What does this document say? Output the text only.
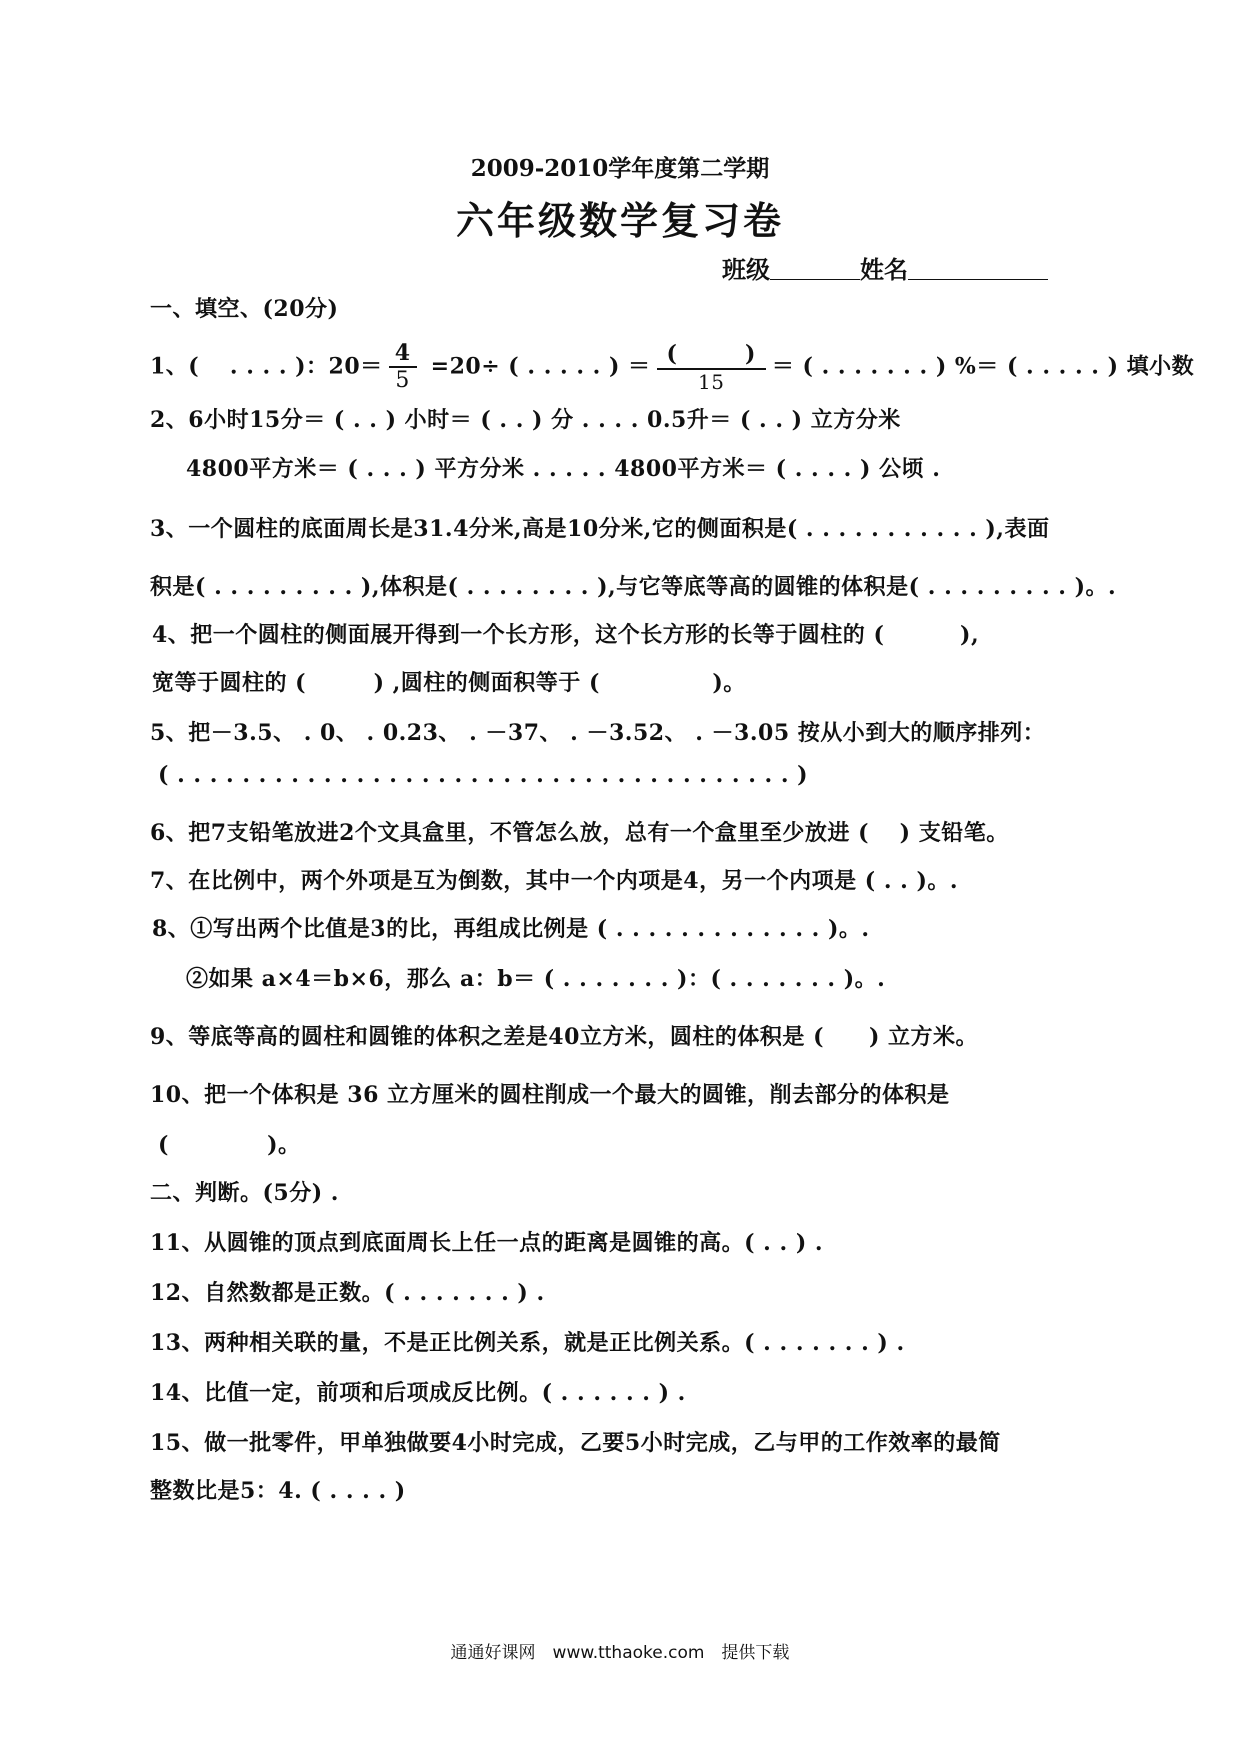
2009-2010学年度第二学期
六年级数学复习卷
班级	姓名
一、填空、(20分)
1、(　 . . . . )：$20= \frac{4}{5} =20\div$ ( . . . . . ) ＝ $\frac{( )}{15}$ ＝ ( . . . . . . . ) %＝ ( . . . . . ) 填小数
2、6小时15分＝ ( . . ) 小时＝ ( . . ) 分 . . . . 0.5升＝ ( . . ) 立方分米
4800平方米＝ ( . . . ) 平方分米 . . . . . 4800平方米＝ ( . . . . ) 公顷 .
3、一个圆柱的底面周长是31.4分米,高是10分米,它的侧面积是( . . . . . . . . . . . ),表面
积是( . . . . . . . . . ),体积是( . . . . . . . . ),与它等底等高的圆锥的体积是( . . . . . . . . . )。.
4、把一个圆柱的侧面展开得到一个长方形，这个长方形的长等于圆柱的 (　　　 ),
宽等于圆柱的 (　　　) ,圆柱的侧面积等于 (　　　　　)。
5、把－3.5、 . 0、 . 0.23、 . －37、 . －3.52、 . －3.05 按从小到大的顺序排列：
( . . . . . . . . . . . . . . . . . . . . . . . . . . . . . . . . . . . . . . )
6、把7支铅笔放进2个文具盒里，不管怎么放，总有一个盒里至少放进 (　 ) 支铅笔。
7、在比例中，两个外项是互为倒数，其中一个内项是4，另一个内项是 ( . . )。.
8、①写出两个比值是3的比，再组成比例是 ( . . . . . . . . . . . . . )。.
②如果 a×4＝b×6，那么 a：b＝ ( . . . . . . . )：( . . . . . . . )。.
9、等底等高的圆柱和圆锥的体积之差是40立方米，圆柱的体积是 (　　) 立方米。
10、把一个体积是 36 立方厘米的圆柱削成一个最大的圆锥，削去部分的体积是
(　　　　 )。
二、判断。(5分) .
11、从圆锥的顶点到底面周长上任一点的距离是圆锥的高。( . . ) .
12、自然数都是正数。( . . . . . . . ) .
13、两种相关联的量，不是正比例关系，就是正比例关系。( . . . . . . . ) .
14、比值一定，前项和后项成反比例。( . . . . . . ) .
15、做一批零件，甲单独做要4小时完成，乙要5小时完成，乙与甲的工作效率的最简
整数比是5：4. ( . . . . )
通通好课网　www.tthaoke.com　提供下载
